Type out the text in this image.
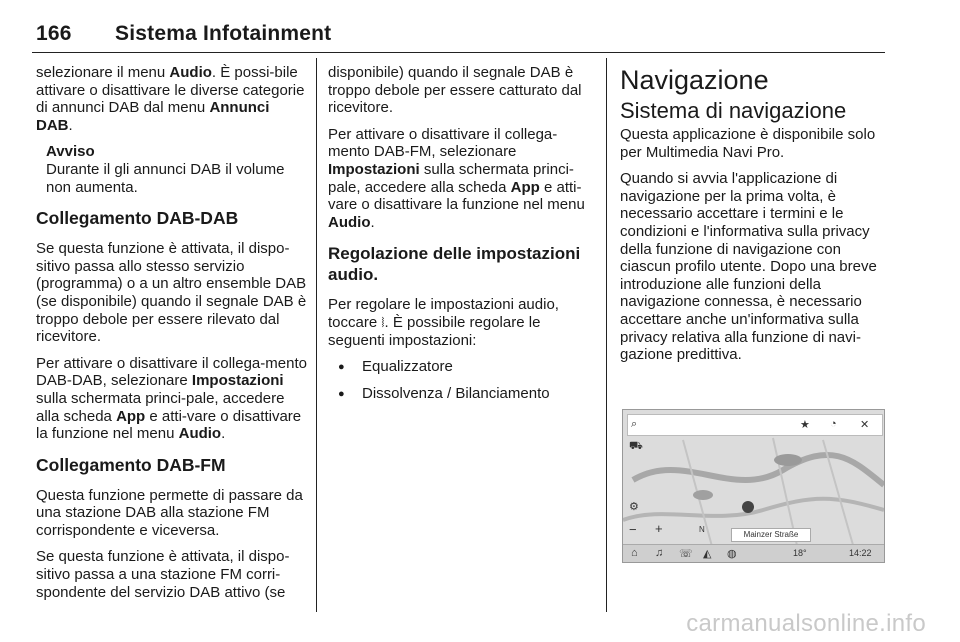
166 Sistema Infotainment

selezionare il menu Audio. È possi-bile attivare o disattivare le diverse categorie di annunci DAB dal menu Annunci DAB.

Avviso
Durante il gli annunci DAB il volume non aumenta.
Collegamento DAB-DAB

Se questa funzione è attivata, il dispo-sitivo passa allo stesso servizio (programma) o a un altro ensemble DAB (se disponibile) quando il segnale DAB è troppo debole per essere rilevato dal ricevitore.

Per attivare o disattivare il collega-mento DAB-DAB, selezionare Impostazioni sulla schermata princi-pale, accedere alla scheda App e atti-vare o disattivare la funzione nel menu Audio.

Collegamento DAB-FM

Questa funzione permette di passare da una stazione DAB alla stazione FM corrispondente e viceversa.

Se questa funzione è attivata, il dispo-sitivo passa a una stazione FM corri-spondente del servizio DAB attivo (se

disponibile) quando il segnale DAB è troppo debole per essere catturato dal ricevitore.

Per attivare o disattivare il collega-mento DAB-FM, selezionare Impostazioni sulla schermata princi-pale, accedere alla scheda App e atti-vare o disattivare la funzione nel menu Audio.

Regolazione delle impostazioni audio.

Per regolare le impostazioni audio, toccare ⧘. È possibile regolare le seguenti impostazioni:

● Equalizzatore
● Dissolvenza / Bilanciamento
Navigazione
Sistema di navigazione

Questa applicazione è disponibile solo per Multimedia Navi Pro.

Quando si avvia l'applicazione di navigazione per la prima volta, è necessario accettare i termini e le condizioni e l'informativa sulla privacy della funzione di navigazione con ciascun profilo utente. Dopo una breve introduzione alle funzioni della navigazione connessa, è necessario accettare anche un'informativa sulla privacy relativa alla funzione di navi-gazione predittiva.

⌕	★ ◔ ✕
⛟
⚙
− +	N
Mainzer Straße
⌂ ♫ ☏ ◭ ◍	18°	14:22
carmanualsonline.info
